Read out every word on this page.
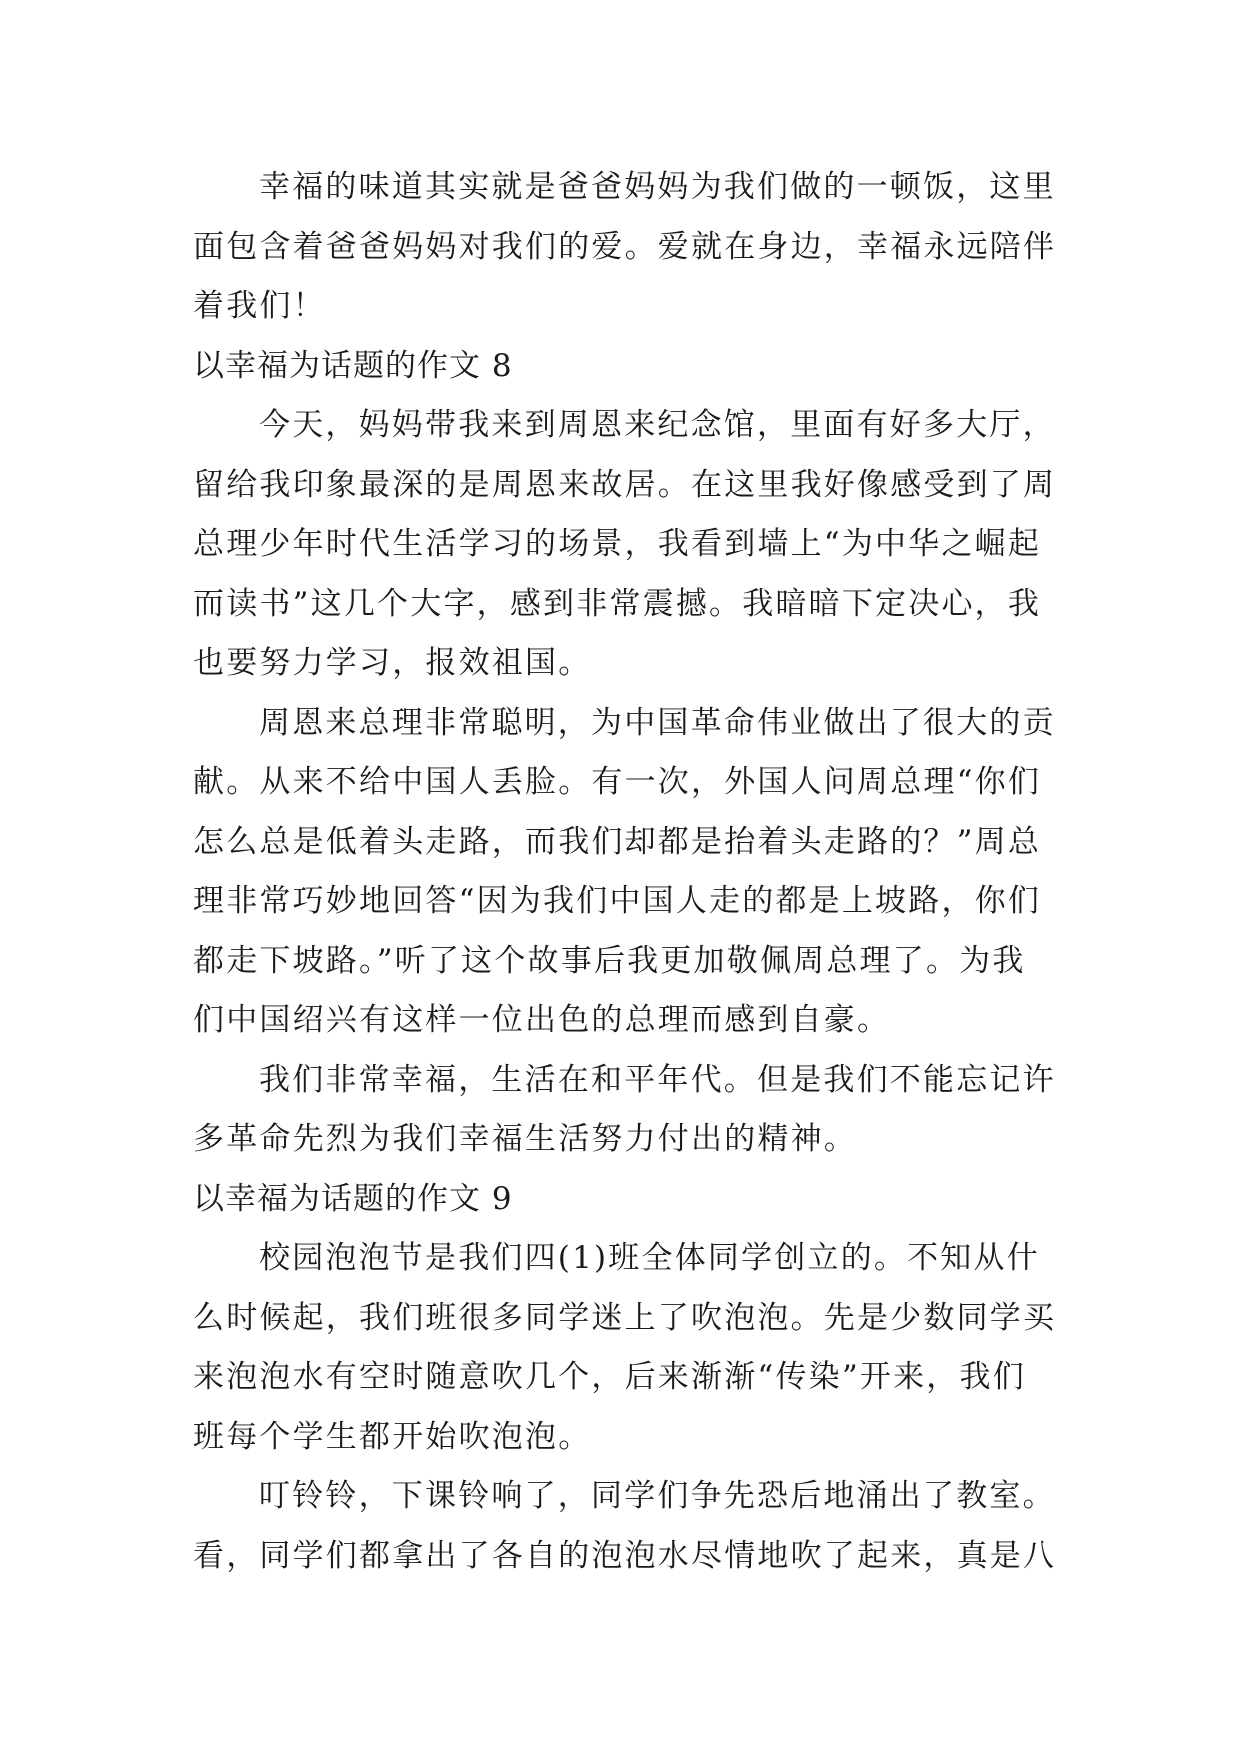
幸福的味道其实就是爸爸妈妈为我们做的一顿饭，这里
面包含着爸爸妈妈对我们的爱。爱就在身边，幸福永远陪伴
着我们！
以幸福为话题的作文 8
今天，妈妈带我来到周恩来纪念馆，里面有好多大厅，
留给我印象最深的是周恩来故居。在这里我好像感受到了周
总理少年时代生活学习的场景，我看到墙上“为中华之崛起
而读书”这几个大字，感到非常震撼。我暗暗下定决心，我
也要努力学习，报效祖国。
周恩来总理非常聪明，为中国革命伟业做出了很大的贡
献。从来不给中国人丢脸。有一次，外国人问周总理“你们
怎么总是低着头走路，而我们却都是抬着头走路的？”周总
理非常巧妙地回答“因为我们中国人走的都是上坡路，你们
都走下坡路。”听了这个故事后我更加敬佩周总理了。为我
们中国绍兴有这样一位出色的总理而感到自豪。
我们非常幸福，生活在和平年代。但是我们不能忘记许
多革命先烈为我们幸福生活努力付出的精神。
以幸福为话题的作文 9
校园泡泡节是我们四(1)班全体同学创立的。不知从什
么时候起，我们班很多同学迷上了吹泡泡。先是少数同学买
来泡泡水有空时随意吹几个，后来渐渐“传染”开来，我们
班每个学生都开始吹泡泡。
叮铃铃，下课铃响了，同学们争先恐后地涌出了教室。
看，同学们都拿出了各自的泡泡水尽情地吹了起来，真是八
